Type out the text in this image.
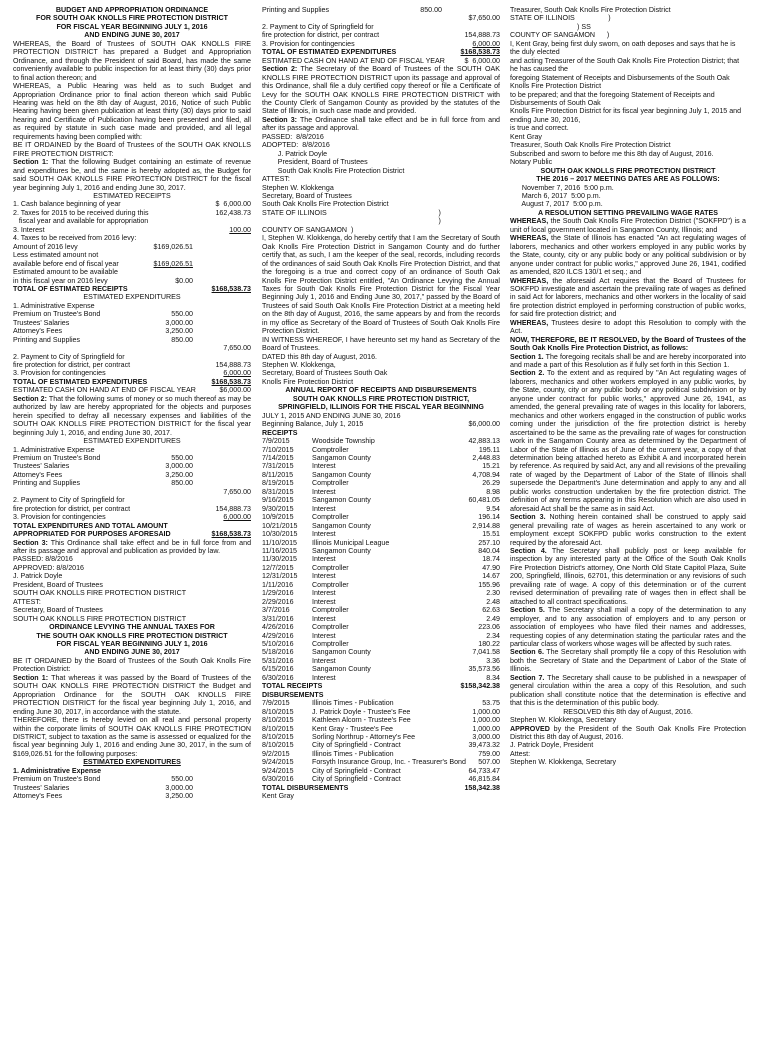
BUDGET AND APPROPRIATION ORDINANCE

FOR SOUTH OAK KNOLLS FIRE PROTECTION DISTRICT

FOR FISCAL YEAR BEGINNING JULY 1, 2016

AND ENDING JUNE 30, 2017

WHEREAS, the Board of Trustees of SOUTH OAK KNOLLS FIRE PROTECTION DISTRICT has prepared a Budget and Appropriation Ordinance, and through the President of said Board, has made the same conveniently available to public inspection for at least thirty (30) days prior to final action thereon; and

WHEREAS, a Public Hearing was held as to such Budget and Appropriation Ordinance prior to final action thereon which said Public Hearing was held on the 8th day of August, 2016, Notice of such Public Hearing having been given publication at least thirty (30) days prior to said hearing and Certificate of Publication having been presented and filed, all as required by statute in such case made and provided, and all legal requirements having been complied with:

BE IT ORDAINED by the Board of Trustees of the SOUTH OAK KNOLLS FIRE PROTECTION DISTRICT:

Section 1: That the following Budget containing an estimate of revenue and expenditures be, and the same is hereby adopted as, the Budget for said SOUTH OAK KNOLLS FIRE PROTECTION DISTRICT for the fiscal year beginning July 1, 2016 and ending June 30, 2017.

ESTIMATED RECEIPTS

1. Cash balance beginning of year	$  6,000.00
2. Taxes for 2015 to be received during this	162,438.73
fiscal year and available for appropriation
3. Interest	100.00
4. Taxes to be received from 2016 levy:
Amount of 2016 levy	$169,026.51
Less estimated amount not
available before end of fiscal year	$169,026.51
Estimated amount to be available
in this fiscal year on 2016 levy	$0.00
TOTAL OF ESTIMATED RECEIPTS	$168,538.73

ESTIMATED EXPENDITURES

1. Administrative Expense
Premium on Trustee's Bond	550.00
Trustees' Salaries	3,000.00
Attorney's Fees	3,250.00
Printing and Supplies	850.00
7,650.00
2. Payment to City of Springfield for
fire protection for district, per contract	154,888.73
3. Provision for contingencies	6,000.00
TOTAL OF ESTIMATED EXPENDITURES	$168,538.73
ESTIMATED CASH ON HAND AT END OF FISCAL YEAR	$6,000.00

Section 2: That the following sums of money or so much thereof as may be authorized by law are hereby appropriated for the objects and purposes herein specified to defray all necessary expenses and liabilities of the SOUTH OAK KNOLLS FIRE PROTECTION DISTRICT for the fiscal year beginning July 1, 2016, and ending June 30, 2017.

ESTIMATED EXPENDITURES

1. Administrative Expense
Premium on Trustee's Bond	550.00
Trustees' Salaries	3,000.00
Attorney's Fees	3,250.00
Printing and Supplies	850.00
7,650.00
2. Payment to City of Springfield for
fire protection for district, per contract	154,888.73
3. Provision for contingencies	6,000.00
TOTAL EXPENDITURES AND TOTAL AMOUNT
APPROPRIATED FOR PURPOSES AFORESAID	$168,538.73

Section 3: This Ordinance shall take effect and be in full force from and after its passage and approval and publication as provided by law.

PASSED: 8/8/2016
APPROVED: 8/8/2016
J. Patrick Doyle
President, Board of Trustees
SOUTH OAK KNOLLS FIRE PROTECTION DISTRICT
ATTEST:
Secretary, Board of Trustees
SOUTH OAK KNOLLS FIRE PROTECTION DISTRICT

ORDINANCE LEVYING THE ANNUAL TAXES FOR

THE SOUTH OAK KNOLLS FIRE PROTECTION DISTRICT

FOR FISCAL YEAR BEGINNING JULY 1, 2016

AND ENDING JUNE 30, 2017

BE IT ORDAINED by the Board of Trustees of the South Oak Knolls Fire Protection District:

Section 1: That whereas it was passed by the Board of Trustees of the SOUTH OAK KNOLLS FIRE PROTECTION DISTRICT the Budget and Appropriation Ordinance for the SOUTH OAK KNOLLS FIRE PROTECTION DISTRICT for the fiscal year beginning July 1, 2016, and ending June 30, 2017, in accordance with the statute.

THEREFORE, there is hereby levied on all real and personal property within the corporate limits of SOUTH OAK KNOLLS FIRE PROTECTION DISTRICT, subject to taxation as the same is assessed or equalized for the fiscal year beginning July 1, 2016 and ending June 30, 2017, in the sum of $169,026.51 for the following purposes:

ESTIMATED EXPENDITURES

1. Administrative Expense
Premium on Trustee's Bond	550.00
Trustees' Salaries	3,000.00
Attorney's Fees	3,250.00
Printing and Supplies	850.00
$7,650.00
2. Payment to City of Springfield for
fire protection for district, per contract	154,888.73
3. Provision for contingencies	6,000.00
TOTAL OF ESTIMATED EXPENDITURES	$168,538.73
ESTIMATED CASH ON HAND AT END OF FISCAL YEAR	$  6,000.00

Section 2: The Secretary of the Board of Trustees of the SOUTH OAK KNOLLS FIRE PROTECTION DISTRICT upon its passage and approval of this Ordinance, shall file a duly certified copy thereof or file a Certificate of Levy for the SOUTH OAK KNOLLS FIRE PROTECTION DISTRICT with the County Clerk of Sangamon County as provided by the statutes of the State of Illinois, in such case made and provided.

Section 3: The Ordinance shall take effect and be in full force from and after its passage and approval.

PASSED:  8/8/2016
ADOPTED:  8/8/2016
J. Patrick Doyle
President, Board of Trustees
South Oak Knolls Fire Protection District
ATTEST:
Stephen W. Klokkenga
Secretary, Board of Trustees
South Oak Knolls Fire Protection District
STATE OF ILLINOIS	)
)
COUNTY OF SANGAMON  )

I, Stephen W. Klokkenga, do hereby certify that I am the Secretary of South Oak Knolls Fire Protection District in Sangamon County and do further certify that, as such, I am the keeper of the seal, records, including records of the ordinances of said South Oak Knolls Fire Protection District, and that the foregoing is a true and correct copy of an ordinance of South Oak Knolls Fire Protection District entitled, "An Ordinance Levying the Annual Taxes for South Oak Knolls Fire Protection District for the Fiscal Year Beginning July 1, 2016 and Ending June 30, 2017," passed by the Board of Trustees of said South Oak Knolls Fire Protection District at a meeting held on the 8th day of August, 2016, the same appears by and from the records in my office as Secretary of the Board of Trustees of South Oak Knolls Fire Protection District.

IN WITNESS WHEREOF, I have hereunto set my hand as Secretary of the Board of Trustees.

DATED this 8th day of August, 2016.
Stephen W. Klokkenga,
Secretary, Board of Trustees South Oak
Knolls Fire Protection District

ANNUAL REPORT OF RECEIPTS AND DISBURSEMENTS

SOUTH OAK KNOLLS FIRE PROTECTION DISTRICT,

SPRINGFIELD, ILLINOIS FOR THE FISCAL YEAR BEGINNING

JULY 1, 2015 AND ENDING JUNE 30, 2016
Beginning Balance, July 1, 2015	$6,000.00
RECEIPTS
7/9/2015	Woodside Township	42,883.13
7/10/2015	Comptroller	195.11
7/14/2015	Sangamon County	2,448.83
7/31/2015	Interest	15.21
8/11/2015	Sangamon County	4,708.94
8/19/2015	Comptroller	26.29
8/31/2015	Interest	8.98
9/16/2015	Sangamon County	60,481.05
9/30/2015	Interest	9.54
10/9/2015	Comptroller	196.14
10/21/2015	Sangamon County	2,914.88
10/30/2015	Interest	15.51
11/10/2015	Illinois Municipal League	257.10
11/16/2015	Sangamon County	840.04
11/30/2015	Interest	18.74
12/7/2015	Comptroller	47.90
12/31/2015	Interest	14.67
1/11/2016	Comptroller	155.96
1/29/2016	Interest	2.30
2/29/2016	Interest	2.48
3/7/2016	Comptroller	62.63
3/31/2016	Interest	2.49
4/26/2016	Comptroller	223.06
4/29/2016	Interest	2.34
5/10/2016	Comptroller	180.22
5/18/2016	Sangamon County	7,041.58
5/31/2016	Interest	3.36
6/15/2016	Sangamon County	35,573.56
6/30/2016	Interest	8.34
TOTAL RECEIPTS	$158,342.38
DISBURSEMENTS
7/9/2015	Illinois Times - Publication	53.75
8/10/2015	J. Patrick Doyle - Trustee's Fee	1,000.00
8/10/2015	Kathleen Alcorn - Trustee's Fee	1,000.00
8/10/2015	Kent Gray - Trustee's Fee	1,000.00
8/10/2015	Sorling Northrup - Attorney's Fee	3,000.00
8/10/2015	City of Springfield - Contract	39,473.32
9/2/2015	Illinois Times - Publication	759.00
9/24/2015	Forsyth Insurance Group, Inc. - Treasurer's Bond	507.00
9/24/2015	City of Springfield - Contract	64,733.47
6/30/2016	City of Springfield - Contract	46,815.84
TOTAL DISBURSEMENTS	158,342.38
Kent Gray
Treasurer, South Oak Knolls Fire Protection District
STATE OF ILLINOIS                 )
) SS
COUNTY OF SANGAMON      )
I, Kent Gray, being first duly sworn, on oath deposes and says that he is
the duly elected
and acting Treasurer of the South Oak Knolls Fire Protection District; that
he has caused the
foregoing Statement of Receipts and Disbursements of the South Oak
Knolls Fire Protection District
to be prepared; and that the foregoing Statement of Receipts and
Disbursements of South Oak
Knolls Fire Protection District for its fiscal year beginning July 1, 2015 and
ending June 30, 2016,
is true and correct.
Kent Gray
Treasurer, South Oak Knolls Fire Protection District
Subscribed and sworn to before me this 8th day of August, 2016.
Notary Public

SOUTH OAK KNOLLS FIRE PROTECTION DISTRICT

THE 2016 – 2017 MEETING DATES ARE AS FOLLOWS:

November 7, 2016  5:00 p.m.
March 6, 2017  5:00 p.m.
August 7, 2017  5:00 p.m.

A RESOLUTION SETTING PREVAILING WAGE RATES

WHEREAS, the South Oak Knolls Fire Protection District ("SOKFPD") is a unit of local government located in Sangamon County, Illinois; and

WHEREAS, the State of Illinois has enacted "An act regulating wages of laborers, mechanics and other workers employed in any public works by the State, county, city or any public body or any political subdivision or by anyone under contract for public works," approved June 26, 1941, codified as amended, 820 ILCS 130/1 et seq.; and

WHEREAS, the aforesaid Act requires that the Board of Trustees for SOKFPD investigate and ascertain the prevailing rate of wages as defined in said Act for laborers, mechanics and other workers in the locality of said fire protection district employed in performing construction of public works, for said fire protection district; and

WHEREAS, Trustees desire to adopt this Resolution to comply with the Act.

NOW, THEREFORE, BE IT RESOLVED, by the Board of Trustees of the South Oak Knolls Fire Protection District, as follows:

Section 1. The foregoing recitals shall be and are hereby incorporated into and made a part of this Resolution as if fully set forth in this Section 1.

Section 2. To the extent and as required by "An Act regulating wages of laborers, mechanics and other workers employed in any public works, by the State, county, city or any public body or any political subdivision or by anyone under contract for public works," approved June 26, 1941, as amended, the general prevailing rate of wages in this locality for laborers, mechanics and other workers engaged in the construction of public works coming under the jurisdiction of the fire protection district is hereby ascertained to be the same as the prevailing rate of wages for construction work in the Sangamon County area as determined by the Department of Labor of the State of Illinois as of June of the current year, a copy of that determination being attached hereto as Exhibit A and incorporated herein by reference. As required by said Act, any and all revisions of the prevailing rate of waged by the Department of Labor of the State of Illinois shall supersede the Department's June determination and apply to any and all public works construction undertaken by the fire protection district. The definition of any terms appearing in this Resolution which are also used in aforesaid Act shall be the same as in said Act.

Section 3. Nothing herein contained shall be construed to apply said general prevailing rate of wages as herein ascertained to any work or employment except SOKFPD public works construction to the extent required by the aforesaid Act.

Section 4. The Secretary shall publicly post or keep available for inspection by any interested party at the Office of the South Oak Knolls Fire Protection District's attorney, One North Old State Capitol Plaza, Suite 200, Springfield, Illinois, 62701, this determination or any revisions of such prevailing rate of wage. A copy of this determination or of the current revised determination of prevailing rate of wages then in effect shall be attached to all contract specifications.

Section 5. The Secretary shall mail a copy of the determination to any employer, and to any association of employers and to any person or association of employees who have filed their names and addresses, requesting copies of any determination stating the particular rates and the particular class of workers whose wages will be affected by such rates.

Section 6. The Secretary shall promptly file a copy of this Resolution with both the Secretary of State and the Department of Labor of the State of Illinois.

Section 7. The Secretary shall cause to be published in a newspaper of general circulation within the area a copy of this Resolution, and such publication shall constitute notice that the determination is effective and that this is the determination of this public body.

RESOLVED this 8th day of August, 2016.

Stephen W. Klokkenga, Secretary

APPROVED by the President of the South Oak Knolls Fire Protection District this 8th day of August, 2016.

J. Patrick Doyle, President
Attest:
Stephen W. Klokkenga, Secretary
